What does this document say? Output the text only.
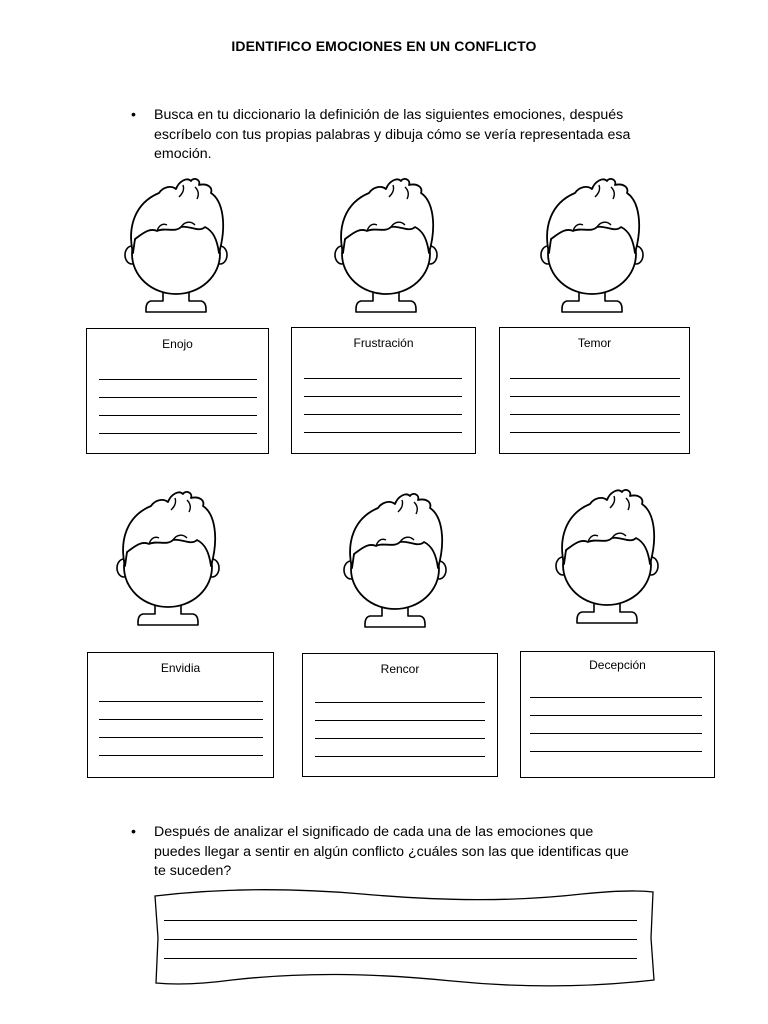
IDENTIFICO EMOCIONES EN UN CONFLICTO
•	Busca en tu diccionario la definición de las siguientes emociones, después
escríbelo con tus propias palabras y dibuja cómo se vería representada esa
emoción.
Enojo	Frustración	Temor
Envidia	Rencor	Decepción
•	Después de analizar el significado de cada una de las emociones que
puedes llegar a sentir en algún conflicto ¿cuáles son las que identificas que
te suceden?
